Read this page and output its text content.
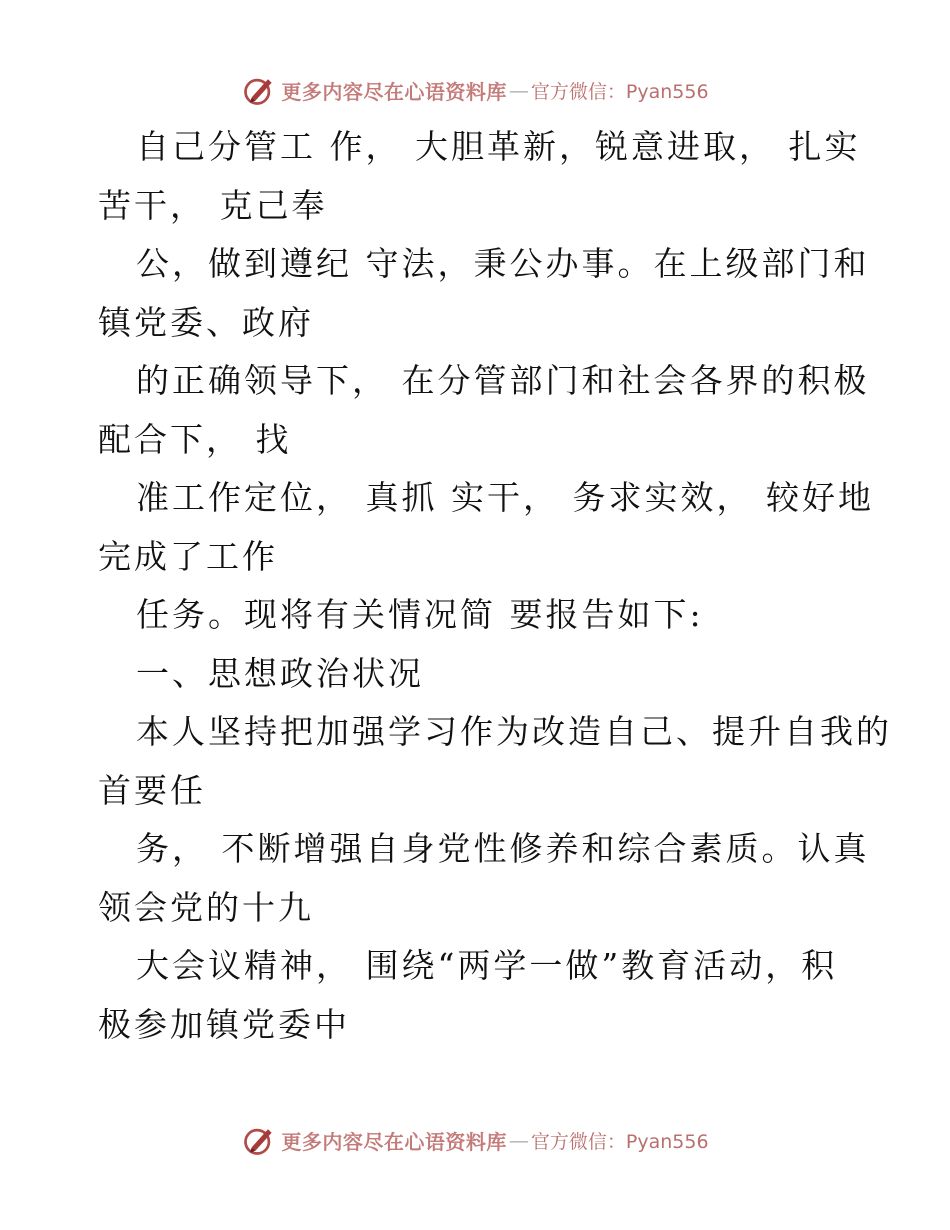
更多内容尽在心语资料库 — 官方微信：Pyan556
自己分管工 作， 大胆革新，锐意进取， 扎实
苦干， 克己奉
公，做到遵纪 守法，秉公办事。在上级部门和
镇党委、政府
的正确领导下， 在分管部门和社会各界的积极
配合下， 找
准工作定位， 真抓 实干， 务求实效， 较好地
完成了工作
任务。现将有关情况简 要报告如下:
一、思想政治状况
本人坚持把加强学习作为改造自己、提升自我的
首要任
务， 不断增强自身党性修养和综合素质。认真
领会党的十九
大会议精神， 围绕“两学一做”教育活动，积
极参加镇党委中
更多内容尽在心语资料库 — 官方微信：Pyan556
